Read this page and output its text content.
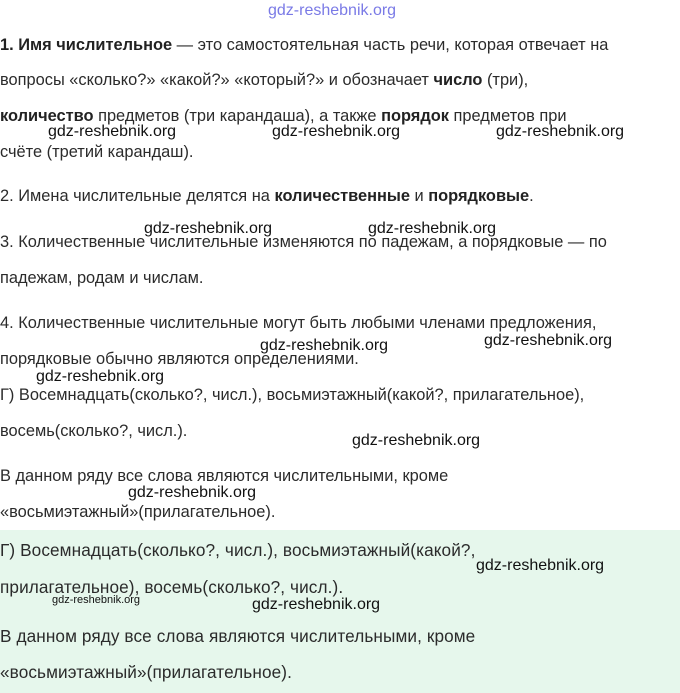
1. Имя числительное — это самостоятельная часть речи, которая отвечает на
вопросы «сколько?» «какой?» «который?» и обозначает число (три),
количество предметов (три карандаша), а также порядок предметов при
счёте (третий карандаш).
2. Имена числительные делятся на количественные и порядковые.
3. Количественные числительные изменяются по падежам, а порядковые — по
падежам, родам и числам.
4. Количественные числительные могут быть любыми членами предложения,
порядковые обычно являются определениями.
Г) Восемнадцать(сколько?, числ.), восьмиэтажный(какой?, прилагательное),
восемь(сколько?, числ.).
В данном ряду все слова являются числительными, кроме
«восьмиэтажный»(прилагательное).
Г) Восемнадцать(сколько?, числ.), восьмиэтажный(какой?,
прилагательное), восемь(сколько?, числ.).
В данном ряду все слова являются числительными, кроме
«восьмиэтажный»(прилагательное).
gdz-reshebnik.org
gdz-reshebnik.org	gdz-reshebnik.org	gdz-reshebnik.org
gdz-reshebnik.org	gdz-reshebnik.org
gdz-reshebnik.org	gdz-reshebnik.org
gdz-reshebnik.org
gdz-reshebnik.org
gdz-reshebnik.org
gdz-reshebnik.org
gdz-reshebnik.org	gdz-reshebnik.org
